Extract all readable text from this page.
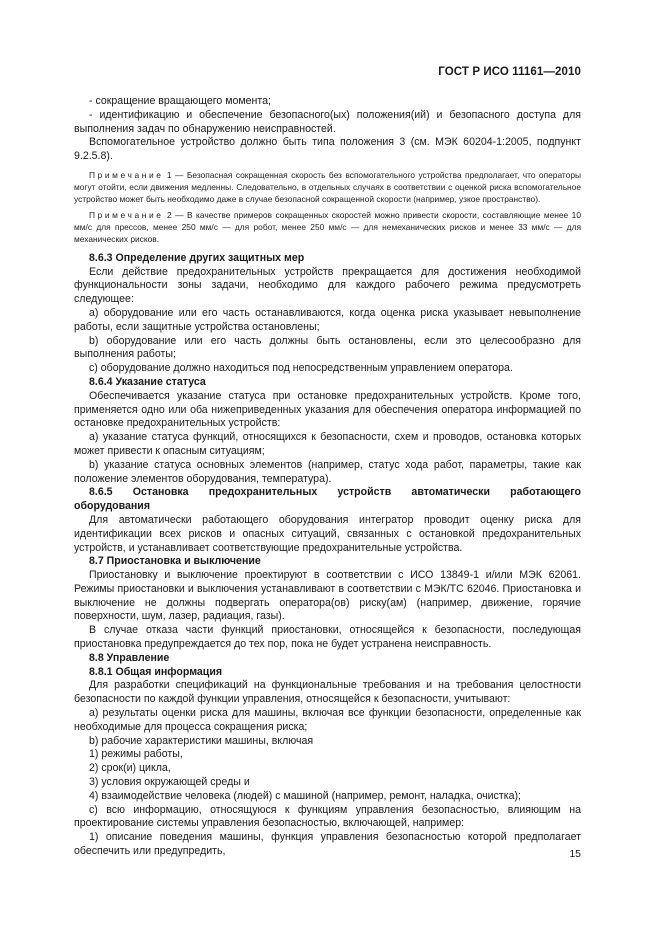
ГОСТ Р ИСО 11161—2010

- сокращение вращающего момента;

- идентификацию и обеспечение безопасного(ых) положения(ий) и безопасного доступа для выполнения задач по обнаружению неисправностей.

Вспомогательное устройство должно быть типа положения 3 (см. МЭК 60204-1:2005, подпункт 9.2.5.8).

Примечание 1 — Безопасная сокращенная скорость без вспомогательного устройства предполагает, что операторы могут отойти, если движения медленны. Следовательно, в отдельных случаях в соответствии с оценкой риска вспомогательное устройство может быть необходимо даже в случае безопасной сокращенной скорости (например, узкое пространство).

Примечание 2 — В качестве примеров сокращенных скоростей можно привести скорости, составляющие менее 10 мм/с для прессов, менее 250 мм/с — для робот, менее 250 мм/с — для немеханических рисков и менее 33 мм/с — для механических рисков.

8.6.3 Определение других защитных мер

Если действие предохранительных устройств прекращается для достижения необходимой функциональности зоны задачи, необходимо для каждого рабочего режима предусмотреть следующее:

a) оборудование или его часть останавливаются, когда оценка риска указывает невыполнение работы, если защитные устройства остановлены;

b) оборудование или его часть должны быть остановлены, если это целесообразно для выполнения работы;

c) оборудование должно находиться под непосредственным управлением оператора.

8.6.4 Указание статуса

Обеспечивается указание статуса при остановке предохранительных устройств. Кроме того, применяется одно или оба нижеприведенных указания для обеспечения оператора информацией по остановке предохранительных устройств:

a) указание статуса функций, относящихся к безопасности, схем и проводов, остановка которых может привести к опасным ситуациям;

b) указание статуса основных элементов (например, статус хода работ, параметры, такие как положение элементов оборудования, температура).

8.6.5 Остановка предохранительных устройств автоматически работающего

оборудования

Для автоматически работающего оборудования интегратор проводит оценку риска для идентификации всех рисков и опасных ситуаций, связанных с остановкой предохранительных устройств, и устанавливает соответствующие предохранительные устройства.

8.7 Приостановка и выключение

Приостановку и выключение проектируют в соответствии с ИСО 13849-1 и/или МЭК 62061. Режимы приостановки и выключения устанавливают в соответствии с МЭК/ТС 62046. Приостановка и выключение не должны подвергать оператора(ов) риску(ам) (например, движение, горячие поверхности, шум, лазер, радиация, газы).

В случае отказа части функций приостановки, относящейся к безопасности, последующая приостановка предупреждается до тех пор, пока не будет устранена неисправность.

8.8 Управление

8.8.1 Общая информация

Для разработки спецификаций на функциональные требования и на требования целостности безопасности по каждой функции управления, относящейся к безопасности, учитывают:

a) результаты оценки риска для машины, включая все функции безопасности, определенные как необходимые для процесса сокращения риска;

b) рабочие характеристики машины, включая

1) режимы работы,

2) срок(и) цикла,

3) условия окружающей среды и

4) взаимодействие человека (людей) с машиной (например, ремонт, наладка, очистка);

c) всю информацию, относящуюся к функциям управления безопасностью, влияющим на проектирование системы управления безопасностью, включающей, например:

1) описание поведения машины, функция управления безопасностью которой предполагает обеспечить или предупредить,	15
